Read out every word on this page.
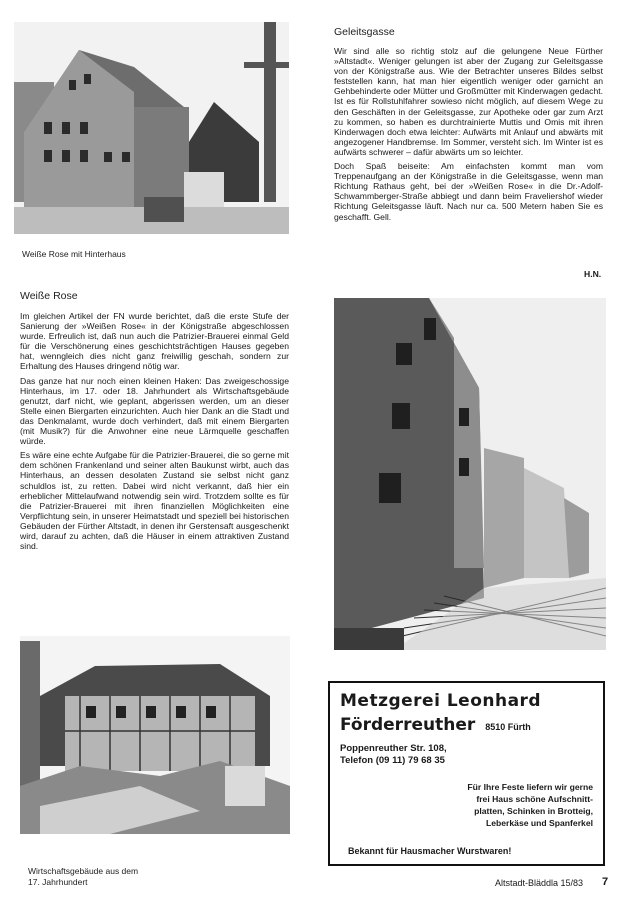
Weiße Rose mit Hinterhaus
Geleitsgasse

Wir sind alle so richtig stolz auf die gelungene Neue Fürther »Altstadt«. Weniger gelungen ist aber der Zugang zur Geleitsgasse von der Königstraße aus. Wie der Betrachter unseres Bildes selbst feststellen kann, hat man hier eigentlich weniger oder garnicht an Gehbehinderte oder Mütter und Großmütter mit Kinderwagen gedacht. Ist es für Rollstuhlfahrer sowieso nicht möglich, auf diesem Wege zu den Geschäften in der Geleitsgasse, zur Apotheke oder gar zum Arzt zu kommen, so haben es durchtrainierte Muttis und Omis mit ihren Kinderwagen doch etwa leichter: Aufwärts mit Anlauf und abwärts mit angezogener Handbremse. Im Sommer, versteht sich. Im Winter ist es aufwärts schwerer – dafür abwärts um so leichter.

Doch Spaß beiseite: Am einfachsten kommt man vom Treppenaufgang an der Königstraße in die Geleitsgasse, wenn man Richtung Rathaus geht, bei der »Weißen Rose« in die Dr.-Adolf-Schwammberger-Straße abbiegt und dann beim Fraveliershof wieder Richtung Geleitsgasse läuft. Nach nur ca. 500 Metern haben Sie es geschafft. Gell.

H.N.
Weiße Rose

Im gleichen Artikel der FN wurde berichtet, daß die erste Stufe der Sanierung der »Weißen Rose« in der Königstraße abgeschlossen wurde. Erfreulich ist, daß nun auch die Patrizier-Brauerei einmal Geld für die Verschönerung eines geschichtsträchtigen Hauses gegeben hat, wenngleich dies nicht ganz freiwillig geschah, sondern zur Erhaltung des Hauses dringend nötig war.

Das ganze hat nur noch einen kleinen Haken: Das zweigeschossige Hinterhaus, im 17. oder 18. Jahrhundert als Wirtschaftsgebäude genutzt, darf nicht, wie geplant, abgerissen werden, um an dieser Stelle einen Biergarten einzurichten. Auch hier Dank an die Stadt und das Denkmalamt, wurde doch verhindert, daß mit einem Biergarten (mit Musik?) für die Anwohner eine neue Lärmquelle geschaffen würde.

Es wäre eine echte Aufgabe für die Patrizier-Brauerei, die so gerne mit dem schönen Frankenland und seiner alten Baukunst wirbt, auch das Hinterhaus, an dessen desolaten Zustand sie selbst nicht ganz schuldlos ist, zu retten. Dabei wird nicht verkannt, daß hier ein erheblicher Mittelaufwand notwendig sein wird. Trotzdem sollte es für die Patrizier-Brauerei mit ihren finanziellen Möglichkeiten eine Verpflichtung sein, in unserer Heimatstadt und speziell bei historischen Gebäuden der Fürther Altstadt, in denen ihr Gerstensaft ausgeschenkt wird, darauf zu achten, daß die Häuser in einem attraktiven Zustand sind.

Wirtschaftsgebäude aus dem
17. Jahrhundert
Metzgerei Leonhard
Förderreuther 8510 Fürth
Poppenreuther Str. 108,
Telefon (09 11) 79 68 35
Für Ihre Feste liefern wir gerne
frei Haus schöne Aufschnitt-
platten, Schinken in Brotteig,
Leberkäse und Spanferkel
Bekannt für Hausmacher Wurstwaren!
Altstadt-Bläddla 15/83 7
